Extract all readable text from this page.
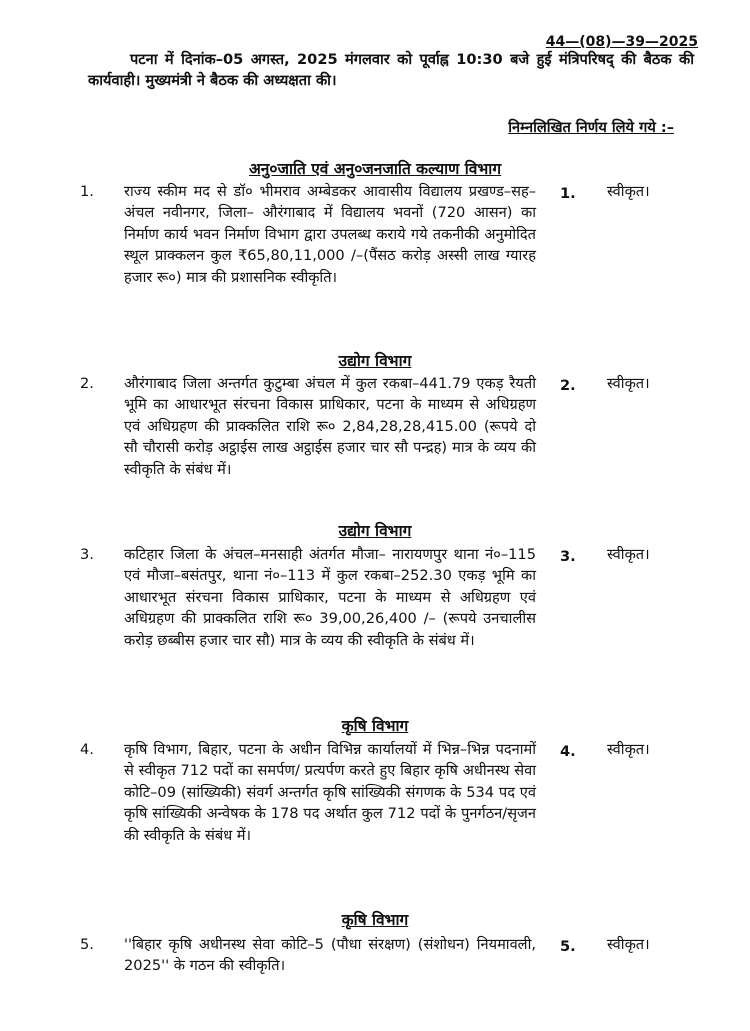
44—(08)—39—2025
पटना में दिनांक–05 अगस्त, 2025 मंगलवार को पूर्वाह्न 10:30 बजे हुई मंत्रिपरिषद् की बैठक की कार्यवाही। मुख्यमंत्री ने बैठक की अध्यक्षता की।
निम्नलिखित निर्णय लिये गये :–
अनु०जाति एवं अनु०जनजाति कल्याण विभाग
1.	राज्य स्कीम मद से डॉ० भीमराव अम्बेडकर आवासीय विद्यालय प्रखण्ड–सह–अंचल नवीनगर, जिला– औरंगाबाद में विद्यालय भवनों (720 आसन) का निर्माण कार्य भवन निर्माण विभाग द्वारा उपलब्ध कराये गये तकनीकी अनुमोदित स्थूल प्राक्कलन कुल ₹65,80,11,000 /–(पैंसठ करोड़ अस्सी लाख ग्यारह हजार रू०) मात्र की प्रशासनिक स्वीकृति।
1. स्वीकृत।
उद्योग विभाग
2.	औरंगाबाद जिला अन्तर्गत कुटुम्बा अंचल में कुल रकबा–441.79 एकड़ रैयती भूमि का आधारभूत संरचना विकास प्राधिकार, पटना के माध्यम से अधिग्रहण एवं अधिग्रहण की प्राक्कलित राशि रू० 2,84,28,28,415.00 (रूपये दो सौ चौरासी करोड़ अट्ठाईस लाख अट्ठाईस हजार चार सौ पन्द्रह) मात्र के व्यय की स्वीकृति के संबंध में।
2. स्वीकृत।
उद्योग विभाग
3.	कटिहार जिला के अंचल–मनसाही अंतर्गत मौजा– नारायणपुर थाना नं०–115 एवं मौजा–बसंतपुर, थाना नं०–113 में कुल रकबा–252.30 एकड़ भूमि का आधारभूत संरचना विकास प्राधिकार, पटना के माध्यम से अधिग्रहण एवं अधिग्रहण की प्राक्कलित राशि रू० 39,00,26,400 /– (रूपये उनचालीस करोड़ छब्बीस हजार चार सौ) मात्र के व्यय की स्वीकृति के संबंध में।
3. स्वीकृत।
कृषि विभाग
4.	कृषि विभाग, बिहार, पटना के अधीन विभिन्न कार्यालयों में भिन्न–भिन्न पदनामों से स्वीकृत 712 पदों का समर्पण/ प्रत्यर्पण करते हुए बिहार कृषि अधीनस्थ सेवा कोटि–09 (सांख्यिकी) संवर्ग अन्तर्गत कृषि सांख्यिकी संगणक के 534 पद एवं कृषि सांख्यिकी अन्वेषक के 178 पद अर्थात कुल 712 पदों के पुनर्गठन/सृजन की स्वीकृति के संबंध में।
4. स्वीकृत।
कृषि विभाग
5.	''बिहार कृषि अधीनस्थ सेवा कोटि–5 (पौधा संरक्षण) (संशोधन) नियमावली, 2025'' के गठन की स्वीकृति।
5. स्वीकृत।
